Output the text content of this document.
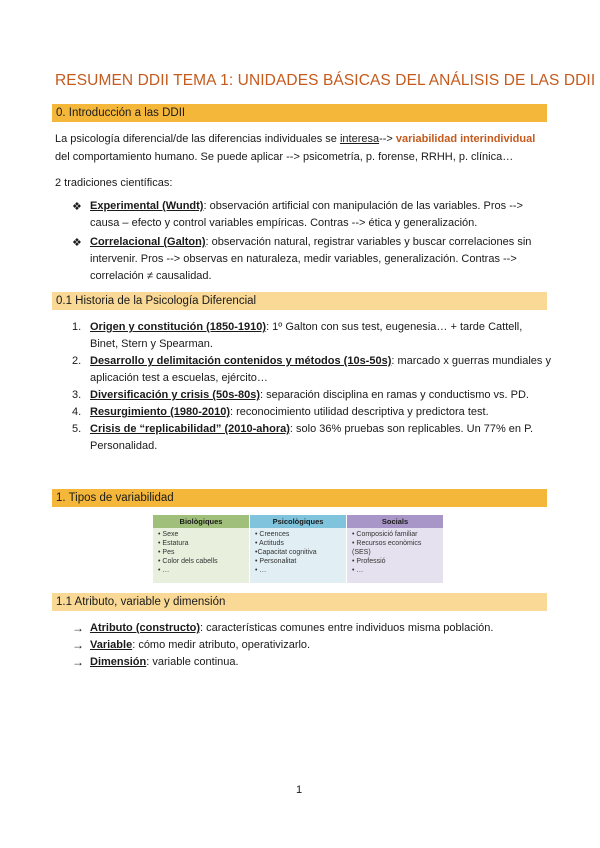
RESUMEN DDII TEMA 1: UNIDADES BÁSICAS DEL ANÁLISIS DE LAS DDII
0. Introducción a las DDII
La psicología diferencial/de las diferencias individuales se interesa--> variabilidad interindividual
del comportamiento humano. Se puede aplicar --> psicometría, p. forense, RRHH, p. clínica…
2 tradiciones científicas:
❖ Experimental (Wundt): observación artificial con manipulación de las variables. Pros -->
causa – efecto y control variables empíricas. Contras --> ética y generalización.
❖ Correlacional (Galton): observación natural, registrar variables y buscar correlaciones sin
intervenir. Pros --> observas en naturaleza, medir variables, generalización. Contras -->
correlación ≠ causalidad.
0.1 Historia de la Psicología Diferencial
1. Origen y constitución (1850-1910): 1º Galton con sus test, eugenesia… + tarde Cattell,
Binet, Stern y Spearman.
2. Desarrollo y delimitación contenidos y métodos (10s-50s): marcado x guerras mundiales y
aplicación test a escuelas, ejército…
3. Diversificación y crisis (50s-80s): separación disciplina en ramas y conductismo vs. PD.
4. Resurgimiento (1980-2010): reconocimiento utilidad descriptiva y predictora test.
5. Crisis de “replicabilidad” (2010-ahora): solo 36% pruebas son replicables. Un 77% en P.
Personalidad.
1. Tipos de variabilidad
Biològiques
• Sexe
• Estatura
• Pes
• Color dels cabells
• …
Psicològiques
• Creences
• Actituds
•Capacitat cognitiva
• Personalitat
• …
Socials
• Composició familiar
• Recursos econòmics
(SES)
• Professió
• …
1.1 Atributo, variable y dimensión
→ Atributo (constructo): características comunes entre individuos misma población.
→ Variable: cómo medir atributo, operativizarlo.
→ Dimensión: variable continua.
1
